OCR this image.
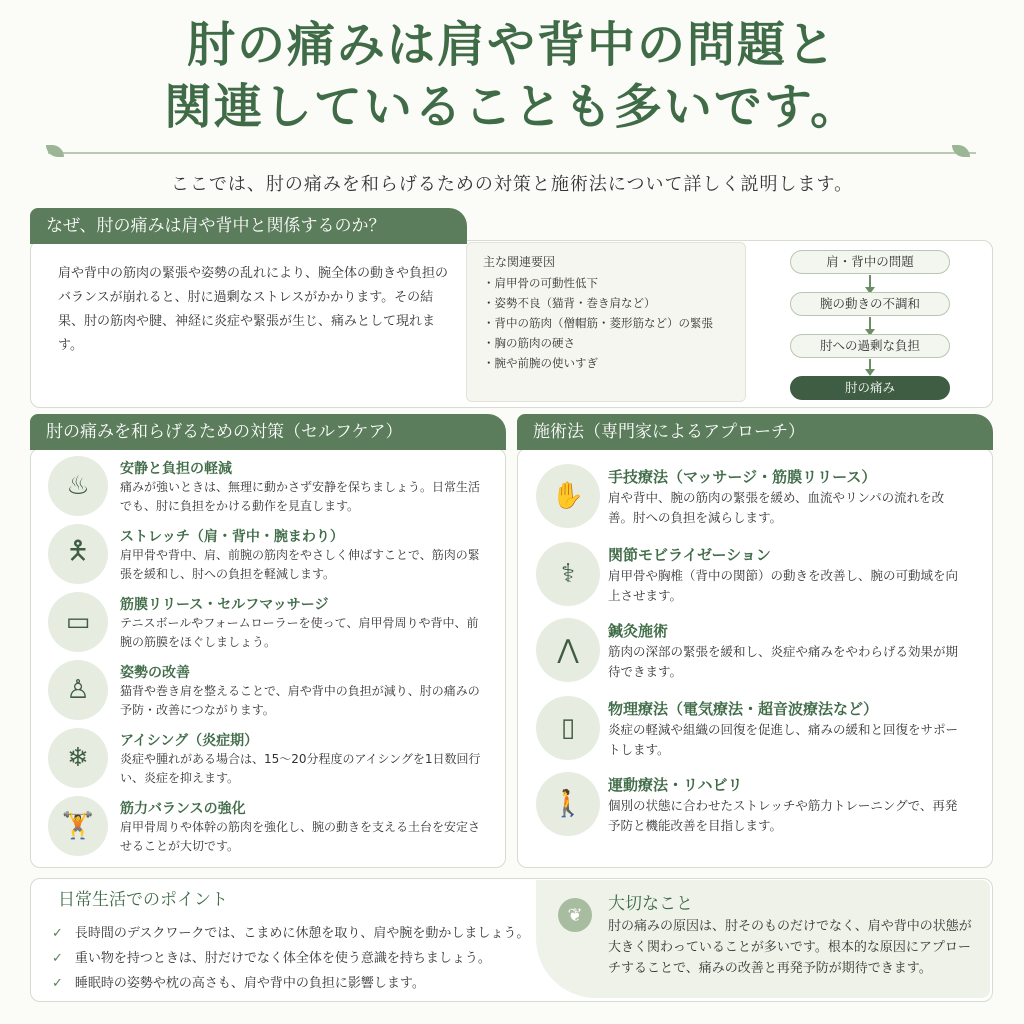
肘の痛みは肩や背中の問題と
関連していることも多いです。
ここでは、肘の痛みを和らげるための対策と施術法について詳しく説明します。
なぜ、肘の痛みは肩や背中と関係するのか？
肩や背中の筋肉の緊張や姿勢の乱れにより、腕全体の動きや負担のバランスが崩れると、肘に過剰なストレスがかかります。その結果、肘の筋肉や腱、神経に炎症や緊張が生じ、痛みとして現れます。
主な関連要因
・肩甲骨の可動性低下
・姿勢不良（猫背・巻き肩など）
・背中の筋肉（僧帽筋・菱形筋など）の緊張
・胸の筋肉の硬さ
・腕や前腕の使いすぎ
肩・背中の問題
腕の動きの不調和
肘への過剰な負担
肘の痛み
肘の痛みを和らげるための対策（セルフケア）
♨
安静と負担の軽減
痛みが強いときは、無理に動かさず安静を保ちましょう。日常生活でも、肘に負担をかける動作を見直します。
🯅	ストレッチ（肩・背中・腕まわり）
肩甲骨や背中、肩、前腕の筋肉をやさしく伸ばすことで、筋肉の緊張を緩和し、肘への負担を軽減します。
▭
筋膜リリース・セルフマッサージ
テニスボールやフォームローラーを使って、肩甲骨周りや背中、前腕の筋膜をほぐしましょう。
♙
姿勢の改善
猫背や巻き肩を整えることで、肩や背中の負担が減り、肘の痛みの予防・改善につながります。
❄
アイシング（炎症期）
炎症や腫れがある場合は、15〜20分程度のアイシングを1日数回行い、炎症を抑えます。
🏋
筋力バランスの強化
肩甲骨周りや体幹の筋肉を強化し、腕の動きを支える土台を安定させることが大切です。
施術法（専門家によるアプローチ）
✋
手技療法（マッサージ・筋膜リリース）
肩や背中、腕の筋肉の緊張を緩め、血流やリンパの流れを改善。肘への負担を減らします。
⚕
関節モビライゼーション
肩甲骨や胸椎（背中の関節）の動きを改善し、腕の可動域を向上させます。
⋀
鍼灸施術
筋肉の深部の緊張を緩和し、炎症や痛みをやわらげる効果が期待できます。
▯
物理療法（電気療法・超音波療法など）
炎症の軽減や組織の回復を促進し、痛みの緩和と回復をサポートします。
🚶
運動療法・リハビリ
個別の状態に合わせたストレッチや筋力トレーニングで、再発予防と機能改善を目指します。
日常生活でのポイント
✓ 長時間のデスクワークでは、こまめに休憩を取り、肩や腕を動かしましょう。
✓ 重い物を持つときは、肘だけでなく体全体を使う意識を持ちましょう。
✓ 睡眠時の姿勢や枕の高さも、肩や背中の負担に影響します。
❦
大切なこと
肘の痛みの原因は、肘そのものだけでなく、肩や背中の状態が大きく関わっていることが多いです。根本的な原因にアプローチすることで、痛みの改善と再発予防が期待できます。
